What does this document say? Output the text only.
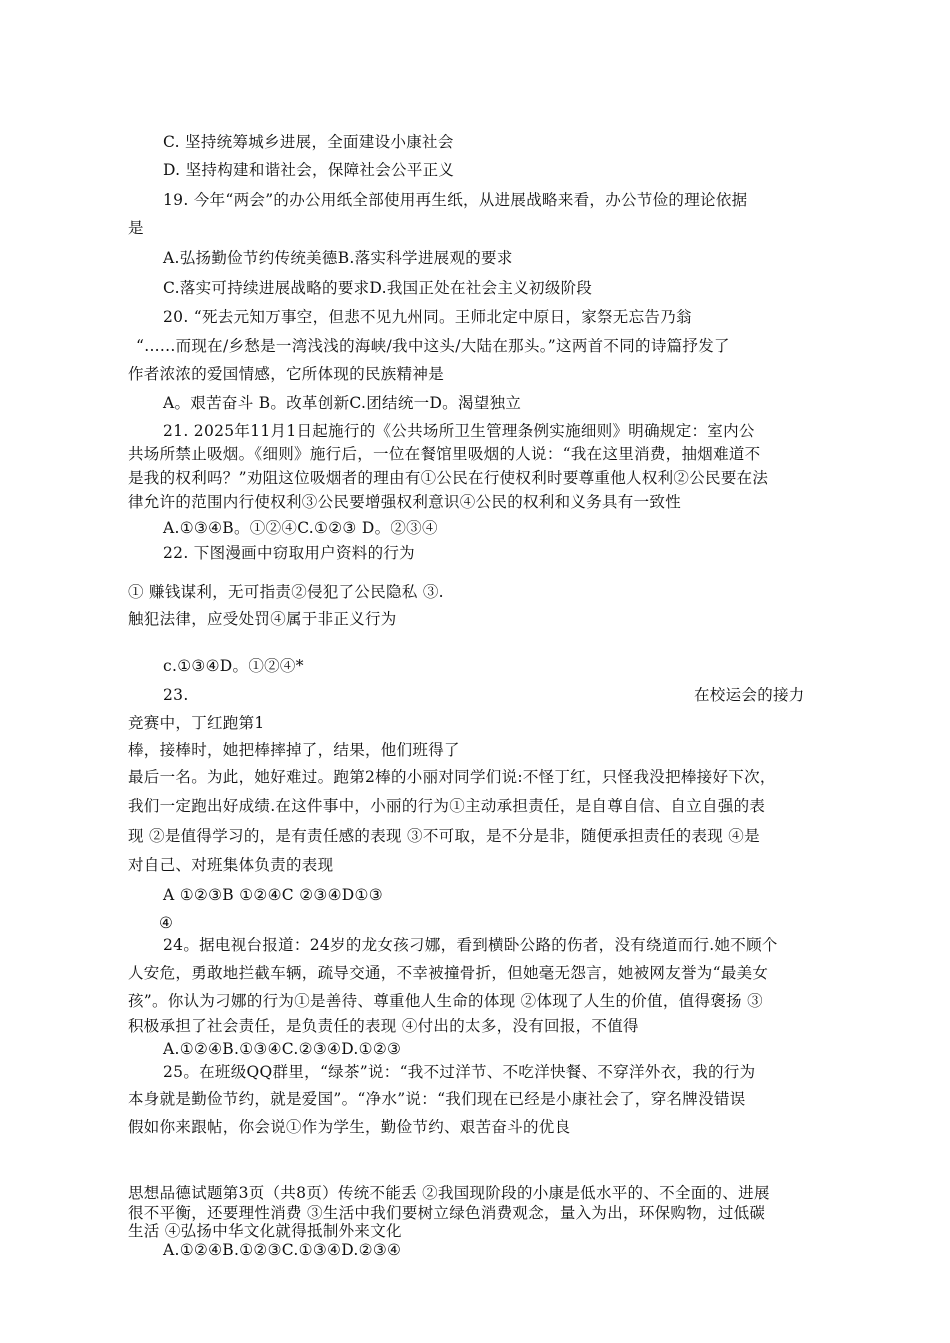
C. 坚持统筹城乡进展，全面建设小康社会
D. 坚持构建和谐社会，保障社会公平正义
19. 今年“两会”的办公用纸全部使用再生纸，从进展战略来看，办公节俭的理论依据
是
A.弘扬勤俭节约传统美德B.落实科学进展观的要求
C.落实可持续进展战略的要求D.我国正处在社会主义初级阶段
20. “死去元知万事空，但悲不见九州同。王师北定中原日，家祭无忘告乃翁
“......而现在/乡愁是一湾浅浅的海峡/我中这头/大陆在那头。”这两首不同的诗篇抒发了
作者浓浓的爱国情感，它所体现的民族精神是
A。艰苦奋斗 B。改革创新C.团结统一D。渴望独立
21. 2025年11月1日起施行的《公共场所卫生管理条例实施细则》明确规定：室内公
共场所禁止吸烟。《细则》施行后，一位在餐馆里吸烟的人说：“我在这里消费，抽烟难道不
是我的权利吗？”劝阻这位吸烟者的理由有①公民在行使权利时要尊重他人权利②公民要在法
律允许的范围内行使权利③公民要增强权利意识④公民的权利和义务具有一致性
A.①③④B。①②④C.①②③ D。②③④
22. 下图漫画中窃取用户资料的行为
① 赚钱谋利，无可指责②侵犯了公民隐私 ③.
触犯法律，应受处罚④属于非正义行为
c.①③④D。①②④*
23.	在校运会的接力
竞赛中，丁红跑第1
棒，接棒时，她把棒摔掉了，结果，他们班得了
最后一名。为此，她好难过。跑第2棒的小丽对同学们说:不怪丁红，只怪我没把棒接好下次，
我们一定跑出好成绩.在这件事中，小丽的行为①主动承担责任，是自尊自信、自立自强的表
现 ②是值得学习的，是有责任感的表现 ③不可取，是不分是非，随便承担责任的表现 ④是
对自己、对班集体负责的表现
A ①②③B ①②④C ②③④D①③
④
24。据电视台报道：24岁的龙女孩刁娜，看到横卧公路的伤者，没有绕道而行.她不顾个
人安危，勇敢地拦截车辆，疏导交通，不幸被撞骨折，但她毫无怨言，她被网友誉为“最美女
孩”。你认为刁娜的行为①是善待、尊重他人生命的体现 ②体现了人生的价值，值得褒扬 ③
积极承担了社会责任，是负责任的表现 ④付出的太多，没有回报，不值得
A.①②④B.①③④C.②③④D.①②③
25。在班级QQ群里，“绿茶”说：“我不过洋节、不吃洋快餐、不穿洋外衣，我的行为
本身就是勤俭节约，就是爱国”。“净水”说：“我们现在已经是小康社会了，穿名牌没错误
假如你来跟帖，你会说①作为学生，勤俭节约、艰苦奋斗的优良
思想品德试题第3页（共8页）传统不能丢 ②我国现阶段的小康是低水平的、不全面的、进展
很不平衡，还要理性消费 ③生活中我们要树立绿色消费观念，量入为出，环保购物，过低碳
生活 ④弘扬中华文化就得抵制外来文化
A.①②④B.①②③C.①③④D.②③④
